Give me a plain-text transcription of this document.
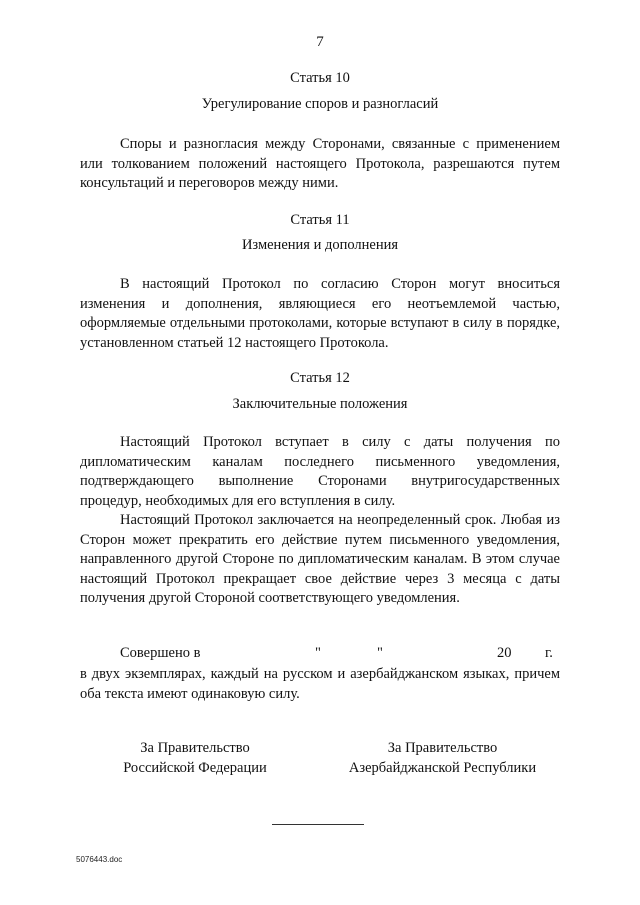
7
Статья 10
Урегулирование споров и разногласий

Споры и разногласия между Сторонами, связанные с применением или толкованием положений настоящего Протокола, разрешаются путем консультаций и переговоров между ними.

Статья 11
Изменения и дополнения

В настоящий Протокол по согласию Сторон могут вноситься изменения и дополнения, являющиеся его неотъемлемой частью, оформляемые отдельными протоколами, которые вступают в силу в порядке, установленном статьей 12 настоящего Протокола.

Статья 12
Заключительные положения

Настоящий Протокол вступает в силу с даты получения по дипломатическим каналам последнего письменного уведомления, подтверждающего выполнение Сторонами внутригосударственных процедур, необходимых для его вступления в силу.

Настоящий Протокол заключается на неопределенный срок. Любая из Сторон может прекратить его действие путем письменного уведомления, направленного другой Стороне по дипломатическим каналам. В этом случае настоящий Протокол прекращает свое действие через 3 месяца с даты получения другой Стороной соответствующего уведомления.

Совершено в	"	"	20 г.

в двух экземплярах, каждый на русском и азербайджанском языках, причем оба текста имеют одинаковую силу.

За Правительство
Российской Федерации
За Правительство
Азербайджанской Республики
5076443.doc
